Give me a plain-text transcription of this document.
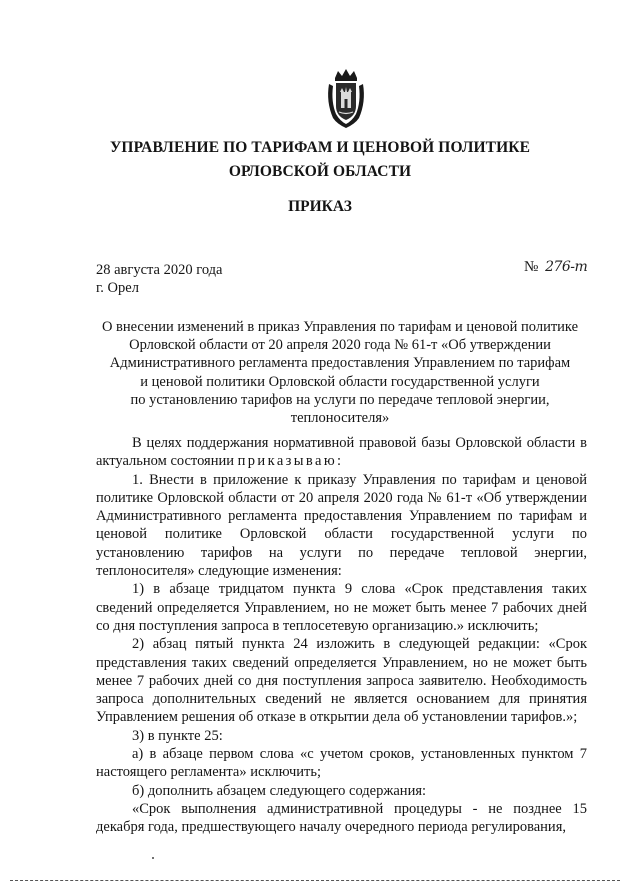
УПРАВЛЕНИЕ ПО ТАРИФАМ И ЦЕНОВОЙ ПОЛИТИКЕ
ОРЛОВСКОЙ ОБЛАСТИ
ПРИКАЗ
28 августа 2020 года
г. Орел
№ 276-т
О внесении изменений в приказ Управления по тарифам и ценовой политике
Орловской области от 20 апреля 2020 года № 61-т «Об утверждении
Административного регламента предоставления Управлением по тарифам
и ценовой политики Орловской области государственной услуги
по установлению тарифов на услуги по передаче тепловой энергии,
теплоносителя»

В целях поддержания нормативной правовой базы Орловской области в актуальном состоянии приказываю:

1. Внести в приложение к приказу Управления по тарифам и ценовой политике Орловской области от 20 апреля 2020 года № 61-т «Об утверждении Административного регламента предоставления Управлением по тарифам и ценовой политике Орловской области государственной услуги по установлению тарифов на услуги по передаче тепловой энергии, теплоносителя» следующие изменения:

1) в абзаце тридцатом пункта 9 слова «Срок представления таких сведений определяется Управлением, но не может быть менее 7 рабочих дней со дня поступления запроса в теплосетевую организацию.» исключить;

2) абзац пятый пункта 24 изложить в следующей редакции: «Срок представления таких сведений определяется Управлением, но не может быть менее 7 рабочих дней со дня поступления запроса заявителю. Необходимость запроса дополнительных сведений не является основанием для принятия Управлением решения об отказе в открытии дела об установлении тарифов.»;

3) в пункте 25:

а) в абзаце первом слова «с учетом сроков, установленных пунктом 7 настоящего регламента» исключить;

б) дополнить абзацем следующего содержания:

«Срок выполнения административной процедуры - не позднее 15 декабря года, предшествующего началу очередного периода регулирования,
